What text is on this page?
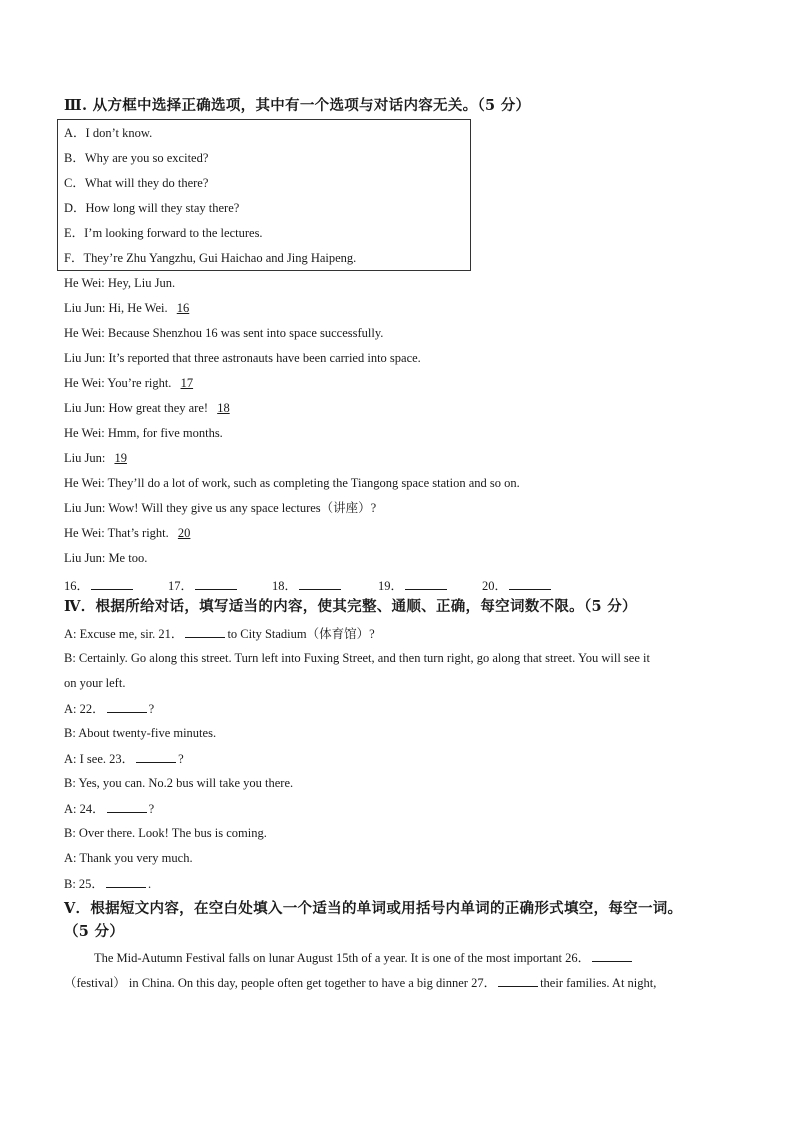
Ⅲ. 从方框中选择正确选项，其中有一个选项与对话内容无关。（5 分）
A．I don’t know.
B．Why are you so excited?
C．What will they do there?
D．How long will they stay there?
E．I’m looking forward to the lectures.
F．They’re Zhu Yangzhu, Gui Haichao and Jing Haipeng.
He Wei: Hey, Liu Jun.
Liu Jun: Hi, He Wei. 16
He Wei: Because Shenzhou 16 was sent into space successfully.
Liu Jun: It’s reported that three astronauts have been carried into space.
He Wei: You’re right. 17
Liu Jun: How great they are! 18
He Wei: Hmm, for five months.
Liu Jun: 19
He Wei: They’ll do a lot of work, such as completing the Tiangong space station and so on.
Liu Jun: Wow! Will they give us any space lectures（讲座）?
He Wei: That’s right. 20
Liu Jun: Me too.
16．	17．	18．	19．	20．
Ⅳ．根据所给对话，填写适当的内容，使其完整、通顺、正确，每空词数不限。（5 分）
A: Excuse me, sir. 21．	to City Stadium（体育馆）?
B: Certainly. Go along this street. Turn left into Fuxing Street, and then turn right, go along that street. You will see it
on your left.
A: 22．	?
B: About twenty-five minutes.
A: I see. 23．	?
B: Yes, you can. No.2 bus will take you there.
A: 24．	?
B: Over there. Look! The bus is coming.
A: Thank you very much.
B: 25．	.
Ⅴ．根据短文内容，在空白处填入一个适当的单词或用括号内单词的正确形式填空，每空一词。
（5 分）
The Mid-Autumn Festival falls on lunar August 15th of a year. It is one of the most important 26．
（festival） in China. On this day, people often get together to have a big dinner 27．	their families. At night,
